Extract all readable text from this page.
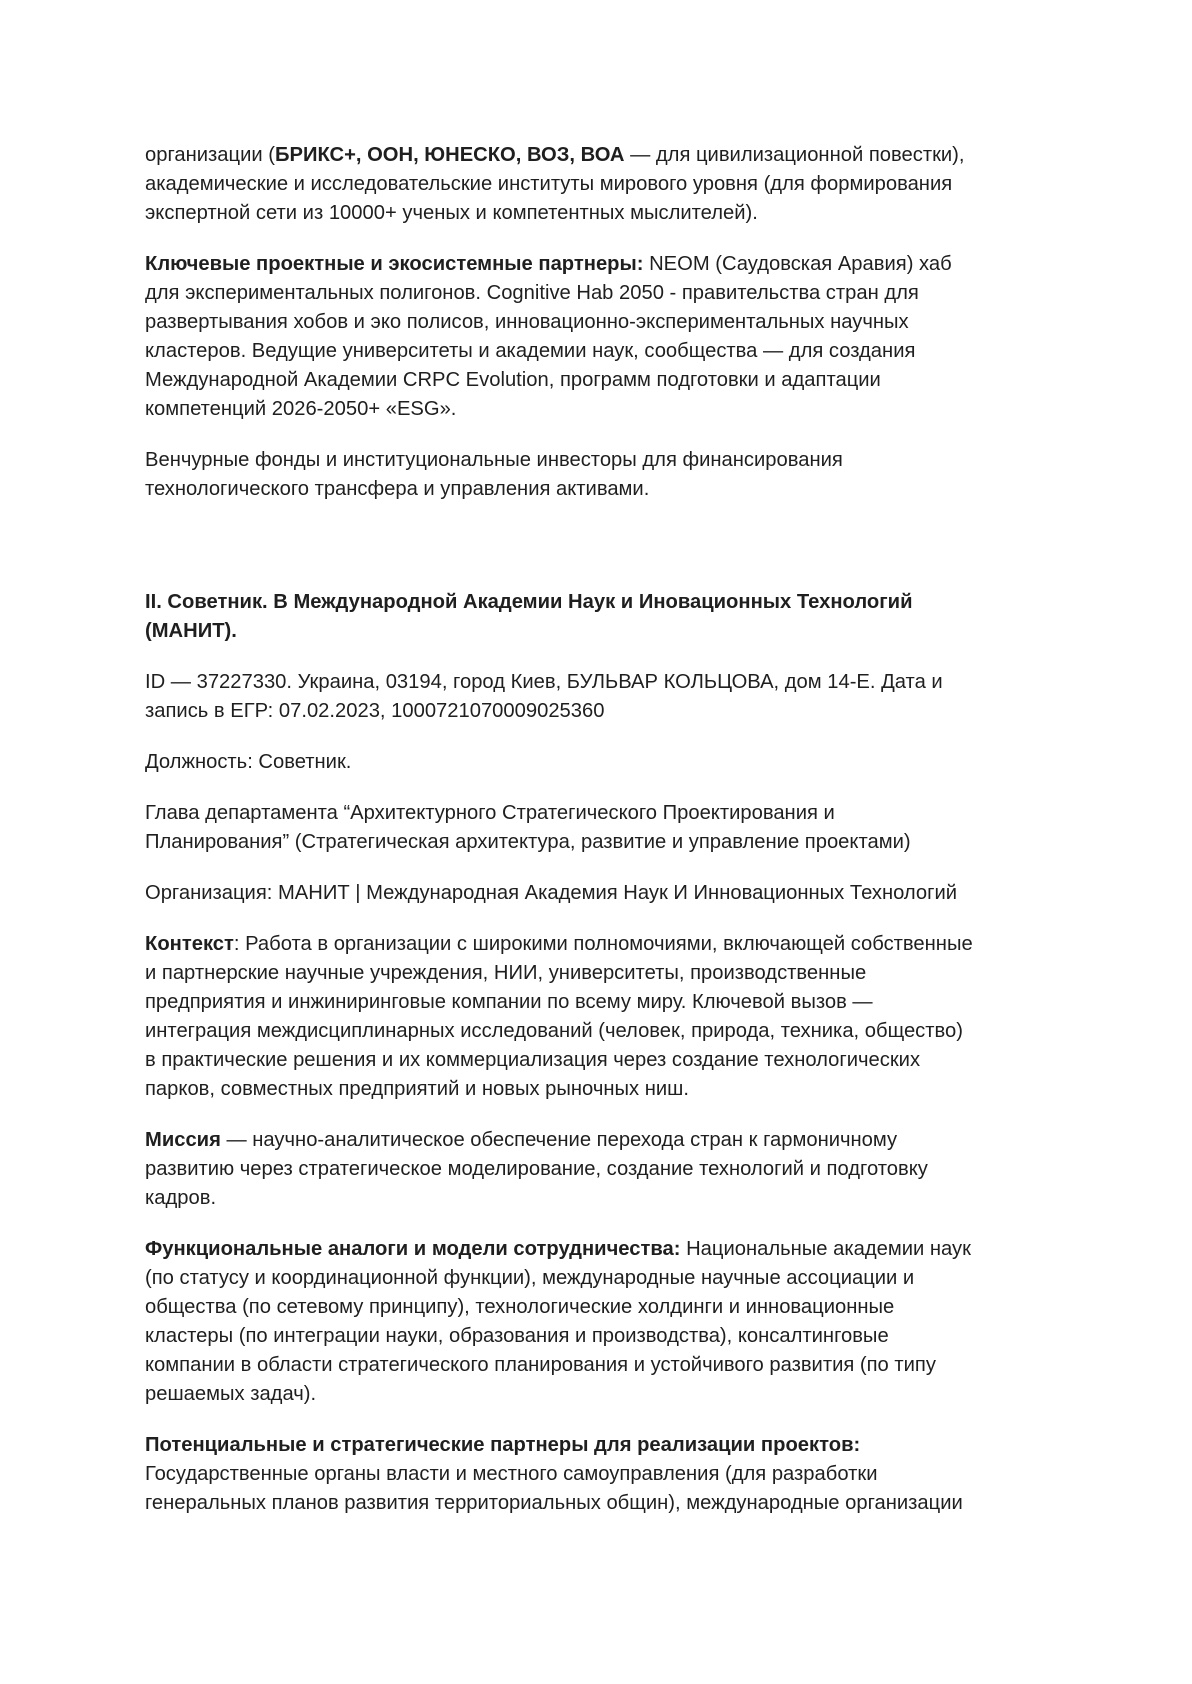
организации (БРИКС+, ООН, ЮНЕСКО, ВОЗ, ВОА — для цивилизационной повестки),
академические и исследовательские институты мирового уровня (для формирования
экспертной сети из 10000+ ученых и компетентных мыслителей).

Ключевые проектные и экосистемные партнеры: NEOM (Саудовская Аравия) хаб
для экспериментальных полигонов. Cognitive Hab 2050 - правительства стран для
развертывания хобов и эко полисов, инновационно-экспериментальных научных
кластеров. Ведущие университеты и академии наук, сообщества — для создания
Международной Академии CRPC Evolution, программ подготовки и адаптации
компетенций 2026-2050+ «ESG».

Венчурные фонды и институциональные инвесторы для финансирования
технологического трансфера и управления активами.

II. Советник. В Международной Академии Наук и Иновационных Технологий
(МАНИТ).

ID — 37227330. Украина, 03194, город Киев, БУЛЬВАР КОЛЬЦОВА, дом 14-Е. Дата и
запись в ЕГР: 07.02.2023, 1000721070009025360

Должность: Советник.

Глава департамента “Архитектурного Стратегического Проектирования и
Планирования” (Стратегическая архитектура, развитие и управление проектами)

Организация: МАНИТ | Международная Академия Наук И Инновационных Технологий

Контекст: Работа в организации с широкими полномочиями, включающей собственные
и партнерские научные учреждения, НИИ, университеты, производственные
предприятия и инжиниринговые компании по всему миру. Ключевой вызов —
интеграция междисциплинарных исследований (человек, природа, техника, общество)
в практические решения и их коммерциализация через создание технологических
парков, совместных предприятий и новых рыночных ниш.

Миссия — научно-аналитическое обеспечение перехода стран к гармоничному
развитию через стратегическое моделирование, создание технологий и подготовку
кадров.

Функциональные аналоги и модели сотрудничества: Национальные академии наук
(по статусу и координационной функции), международные научные ассоциации и
общества (по сетевому принципу), технологические холдинги и инновационные
кластеры (по интеграции науки, образования и производства), консалтинговые
компании в области стратегического планирования и устойчивого развития (по типу
решаемых задач).

Потенциальные и стратегические партнеры для реализации проектов:
Государственные органы власти и местного самоуправления (для разработки
генеральных планов развития территориальных общин), международные организации
